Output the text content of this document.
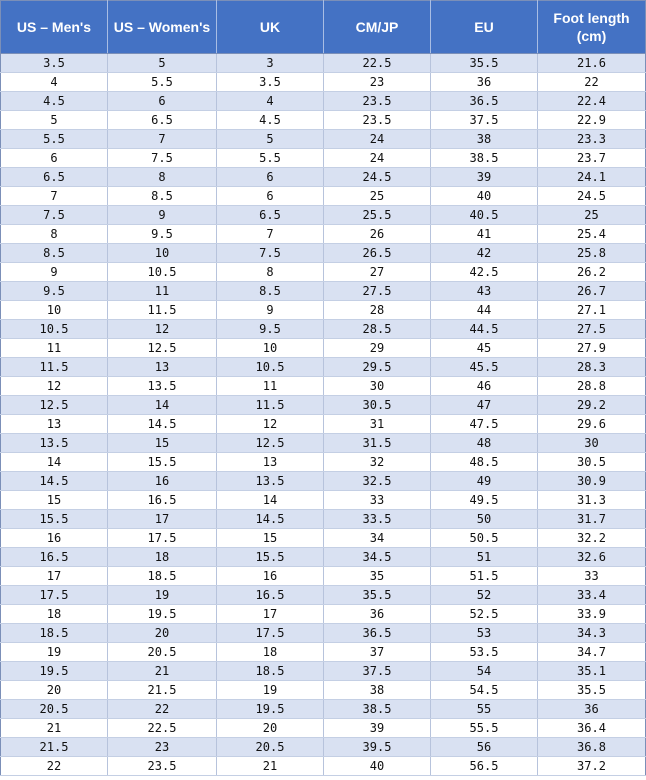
US – Men's	US – Women's	UK	CM/JP	EU	Foot length (cm)
3.5	5	3	22.5	35.5	21.6
4	5.5	3.5	23	36	22
4.5	6	4	23.5	36.5	22.4
5	6.5	4.5	23.5	37.5	22.9
5.5	7	5	24	38	23.3
6	7.5	5.5	24	38.5	23.7
6.5	8	6	24.5	39	24.1
7	8.5	6	25	40	24.5
7.5	9	6.5	25.5	40.5	25
8	9.5	7	26	41	25.4
8.5	10	7.5	26.5	42	25.8
9	10.5	8	27	42.5	26.2
9.5	11	8.5	27.5	43	26.7
10	11.5	9	28	44	27.1
10.5	12	9.5	28.5	44.5	27.5
11	12.5	10	29	45	27.9
11.5	13	10.5	29.5	45.5	28.3
12	13.5	11	30	46	28.8
12.5	14	11.5	30.5	47	29.2
13	14.5	12	31	47.5	29.6
13.5	15	12.5	31.5	48	30
14	15.5	13	32	48.5	30.5
14.5	16	13.5	32.5	49	30.9
15	16.5	14	33	49.5	31.3
15.5	17	14.5	33.5	50	31.7
16	17.5	15	34	50.5	32.2
16.5	18	15.5	34.5	51	32.6
17	18.5	16	35	51.5	33
17.5	19	16.5	35.5	52	33.4
18	19.5	17	36	52.5	33.9
18.5	20	17.5	36.5	53	34.3
19	20.5	18	37	53.5	34.7
19.5	21	18.5	37.5	54	35.1
20	21.5	19	38	54.5	35.5
20.5	22	19.5	38.5	55	36
21	22.5	20	39	55.5	36.4
21.5	23	20.5	39.5	56	36.8
22	23.5	21	40	56.5	37.2
